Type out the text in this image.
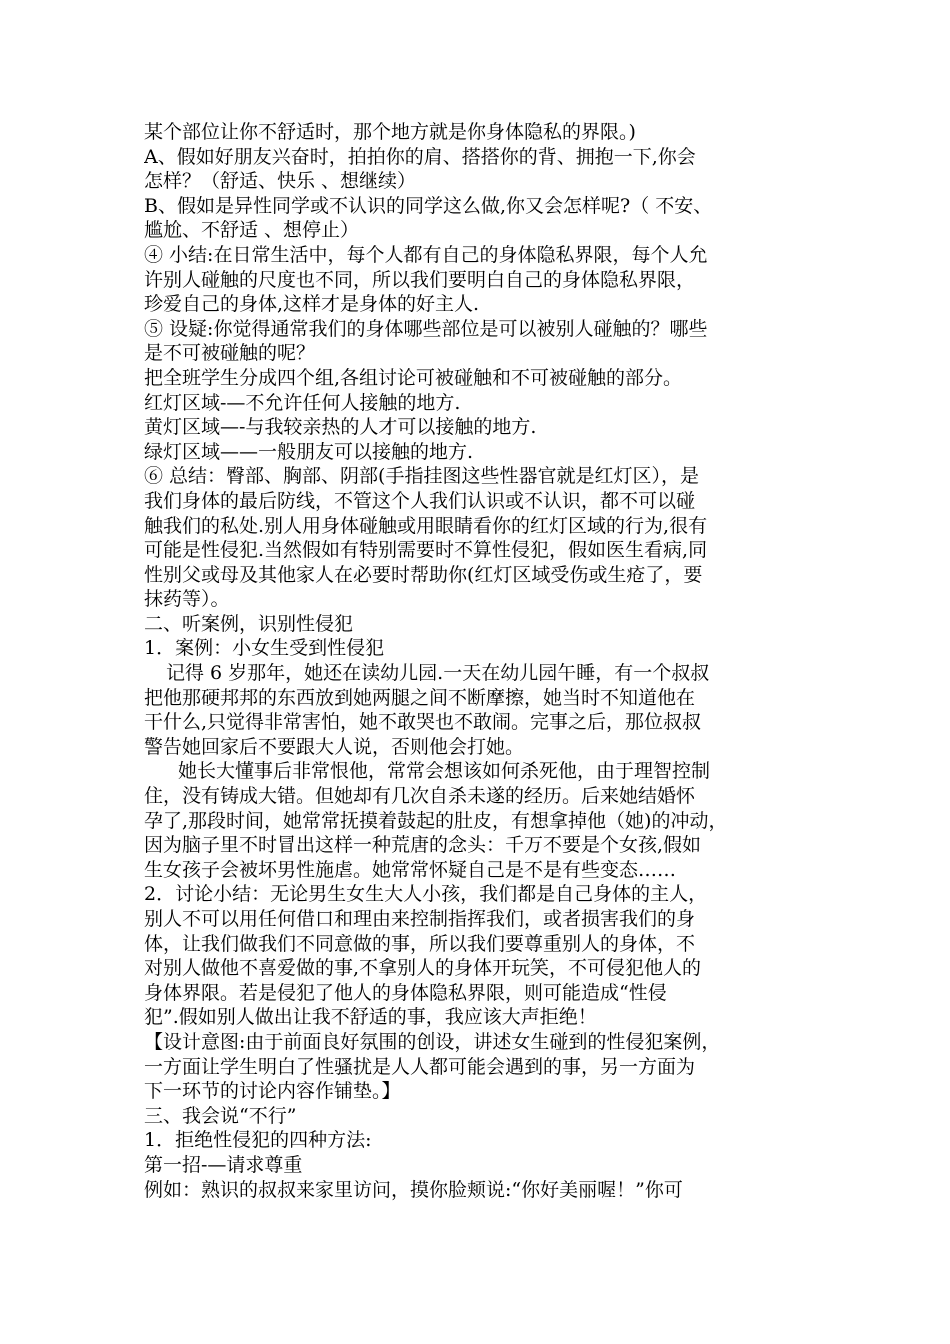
某个部位让你不舒适时，那个地方就是你身体隐私的界限。)
A、假如好朋友兴奋时，拍拍你的肩、搭搭你的背、拥抱一下,你会
怎样？（舒适、快乐 、想继续）
B、假如是异性同学或不认识的同学这么做,你又会怎样呢?（ 不安、
尴尬、不舒适 、想停止）
④ 小结:在日常生活中，每个人都有自己的身体隐私界限，每个人允
许别人碰触的尺度也不同，所以我们要明白自己的身体隐私界限，
珍爱自己的身体,这样才是身体的好主人.
⑤ 设疑:你觉得通常我们的身体哪些部位是可以被别人碰触的？哪些
是不可被碰触的呢？
把全班学生分成四个组,各组讨论可被碰触和不可被碰触的部分。
红灯区域-—不允许任何人接触的地方.
黄灯区域—-与我较亲热的人才可以接触的地方.
绿灯区域——一般朋友可以接触的地方.
⑥ 总结：臀部、胸部、阴部(手指挂图这些性器官就是红灯区），是
我们身体的最后防线，不管这个人我们认识或不认识，都不可以碰
触我们的私处.别人用身体碰触或用眼睛看你的红灯区域的行为,很有
可能是性侵犯.当然假如有特别需要时不算性侵犯，假如医生看病,同
性别父或母及其他家人在必要时帮助你(红灯区域受伤或生疮了，要
抹药等）。
二、听案例，识别性侵犯
1．案例：小女生受到性侵犯
记得 6 岁那年，她还在读幼儿园.一天在幼儿园午睡，有一个叔叔
把他那硬邦邦的东西放到她两腿之间不断摩擦，她当时不知道他在
干什么,只觉得非常害怕，她不敢哭也不敢闹。完事之后，那位叔叔
警告她回家后不要跟大人说，否则他会打她。
她长大懂事后非常恨他，常常会想该如何杀死他，由于理智控制
住，没有铸成大错。但她却有几次自杀未遂的经历。后来她结婚怀
孕了,那段时间，她常常抚摸着鼓起的肚皮，有想拿掉他（她)的冲动，
因为脑子里不时冒出这样一种荒唐的念头：千万不要是个女孩,假如
生女孩子会被坏男性施虐。她常常怀疑自己是不是有些变态……
2．讨论小结：无论男生女生大人小孩，我们都是自己身体的主人，
别人不可以用任何借口和理由来控制指挥我们，或者损害我们的身
体，让我们做我们不同意做的事，所以我们要尊重别人的身体，不
对别人做他不喜爱做的事,不拿别人的身体开玩笑，不可侵犯他人的
身体界限。若是侵犯了他人的身体隐私界限，则可能造成“性侵
犯”.假如别人做出让我不舒适的事，我应该大声拒绝！
【设计意图:由于前面良好氛围的创设，讲述女生碰到的性侵犯案例，
一方面让学生明白了性骚扰是人人都可能会遇到的事，另一方面为
下一环节的讨论内容作铺垫。】
三、我会说“不行”
1．拒绝性侵犯的四种方法:
第一招-—请求尊重
例如：熟识的叔叔来家里访问，摸你脸颊说:“你好美丽喔！”你可
